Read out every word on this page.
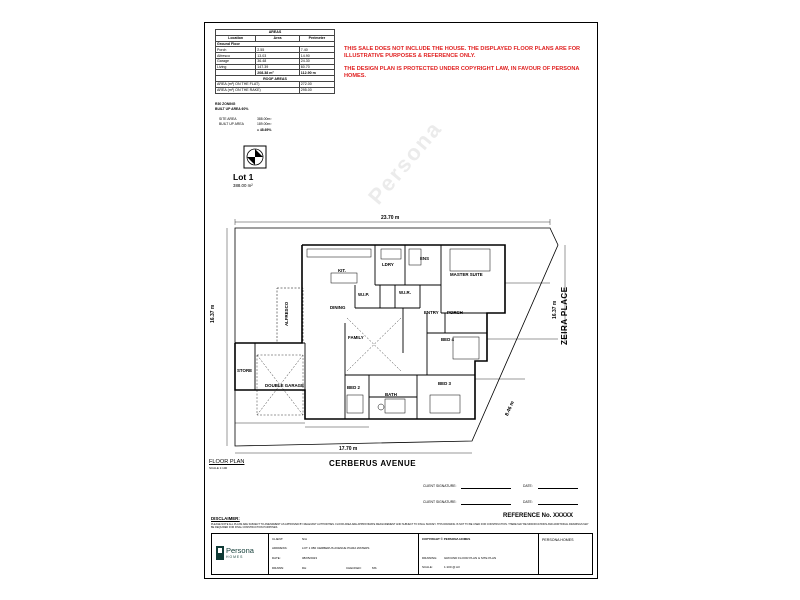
AREAS		
Location	Area	Perimeter
Ground Floor		
Porch	2.55	7.40
Alfresco	13.03	14.90
Garage	36.48	24.30
Living	147.39	60.70
	208.38 m²	112.90 m
ROOF AREAS		
AREA (m²) ON THE FLAT)		272.00
AREA (m²) ON THE RAKE)		295.00
R30 ZONING
BUILT UP AREA 60%
SITE AREA	388.00m²
BUILT UP AREA	189.00m²
= 48.69%

THIS SALE DOES NOT INCLUDE THE HOUSE. THE DISPLAYED FLOOR PLANS ARE FOR ILLUSTRATIVE PURPOSES & REFERENCE ONLY.

THE DESIGN PLAN IS PROTECTED UNDER COPYRIGHT LAW, IN FAVOUR OF PERSONA HOMES.

Lot 1
388.00 m²	Persona
23.70 m
17.70 m
16.37 m	16.37 m
8.46 m
CERBERUS AVENUE
ZEIRA PLACE
KIT.
LDRY
ENS
MASTER SUITE
W.I.P.	W.I.R.
DINING
ALFRESCO	ENTRY PORCH
FAMILY	BED 4
STORE
DOUBLE GARAGE	BED 2
BATH
BED 3
FLOOR PLAN
SCALE 1:100
CLIENT SIGNATURE:	DATE:
CLIENT SIGNATURE:	DATE:
REFERENCE No. XXXXX
DISCLAIMER:
PLEASE NOTE ALL PLANS ARE SUBJECT TO AMENDMENT AS APPROVED BY RELEVANT AUTHORITIES. FLOOR AREA ARE APPROXIMATE MEASUREMENT AND SUBJECT TO FINAL SURVEY. THIS DRAWING IS NOT TO BE USED FOR CONSTRUCTION. THERE MAY BE MODIFICATIONS AND ADDITIONAL DRAWINGS MAY BE REQUIRED FOR FINAL CONSTRUCTION PURPOSES.
Persona
HOMES
CLIENT:	N/A
ADDRESS:	LOT 1 #80 CERBERUS AVENUE PIARA WATERS
DATE:	08/05/2023
DRAWN:	DH	CHECKED:	MS
COPYRIGHT © PERSONA HOMES
DRAWING: GROUND FLOOR PLAN & SITE PLAN
SCALE:	1:100 @ A3
PERSONA HOMES
